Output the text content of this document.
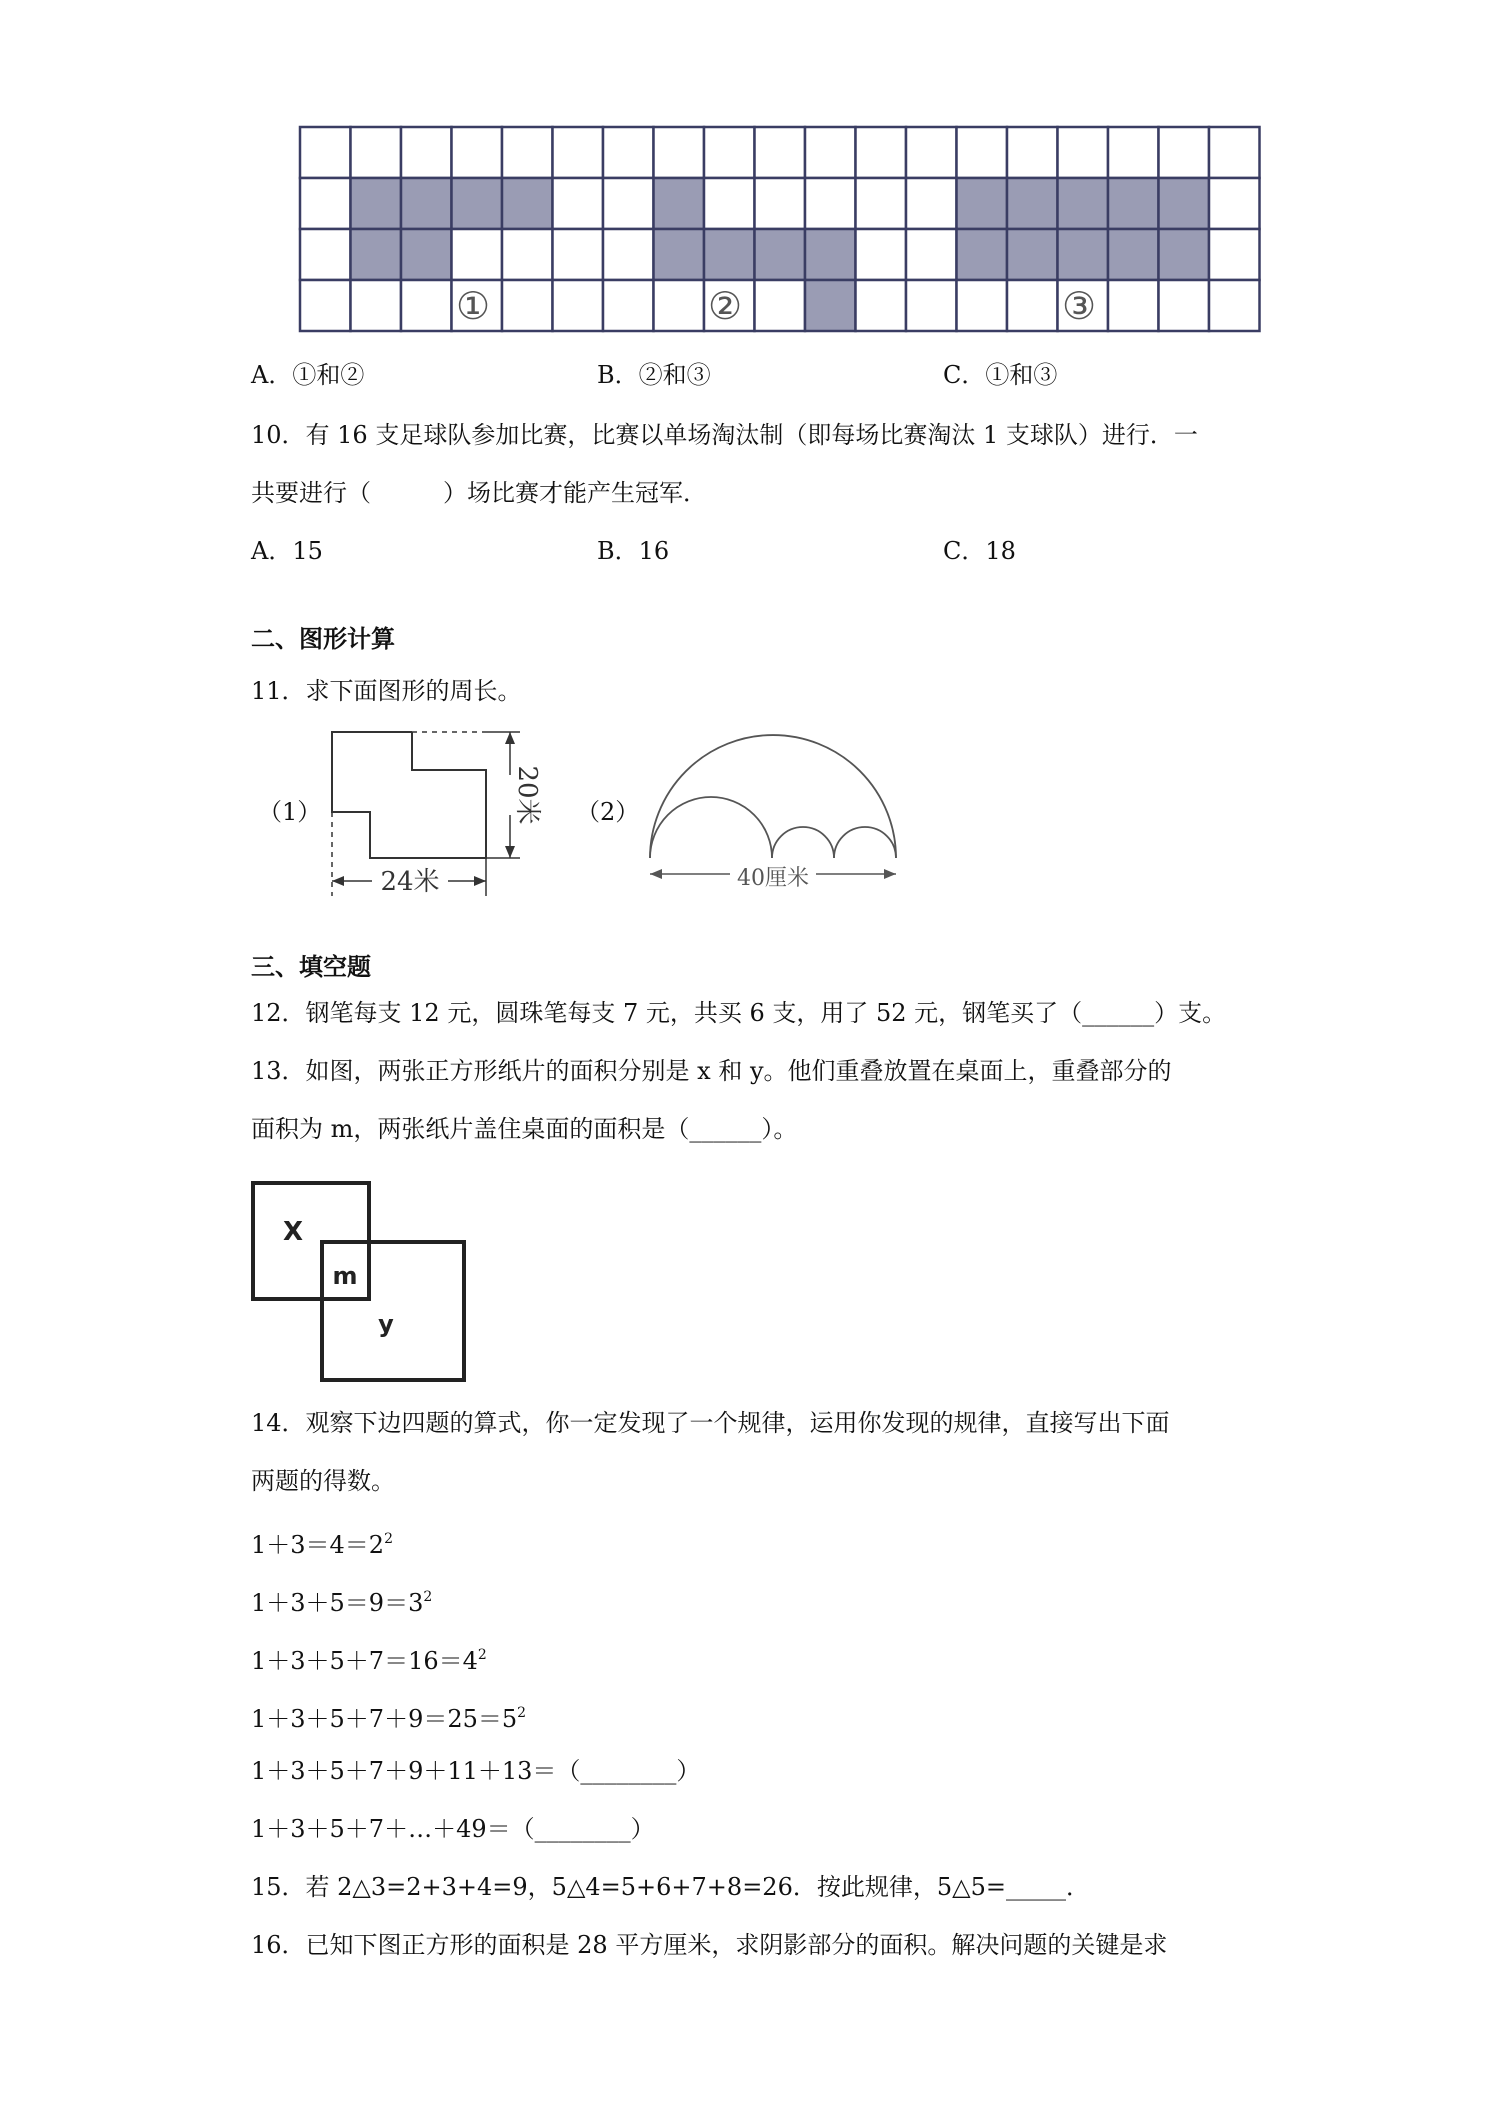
①	②	③
A．①和②	B．②和③	C．①和③
10．有 16 支足球队参加比赛，比赛以单场淘汰制（即每场比赛淘汰 1 支球队）进行．一
共要进行（　　　）场比赛才能产生冠军．
A．15	B．16	C．18
二、图形计算
11．求下面图形的周长。
（1）	20米
24米
（2）
40厘米
三、填空题
12．钢笔每支 12 元，圆珠笔每支 7 元，共买 6 支，用了 52 元，钢笔买了（______）支。
13．如图，两张正方形纸片的面积分别是 x 和 y。他们重叠放置在桌面上，重叠部分的
面积为 m，两张纸片盖住桌面的面积是（______）。
X
m
y
14．观察下边四题的算式，你一定发现了一个规律，运用你发现的规律，直接写出下面
两题的得数。
$1+3=4=2^2$
$1+3+5=9=3^2$
$1+3+5+7=16=4^2$
$1+3+5+7+9=25=5^2$
1＋3＋5＋7＋9＋11＋13＝（________）
1＋3＋5＋7＋…＋49＝（________）
15．若 2△3=2+3+4=9，5△4=5+6+7+8=26．按此规律，5△5=_____．
16．已知下图正方形的面积是 28 平方厘米，求阴影部分的面积。解决问题的关键是求
